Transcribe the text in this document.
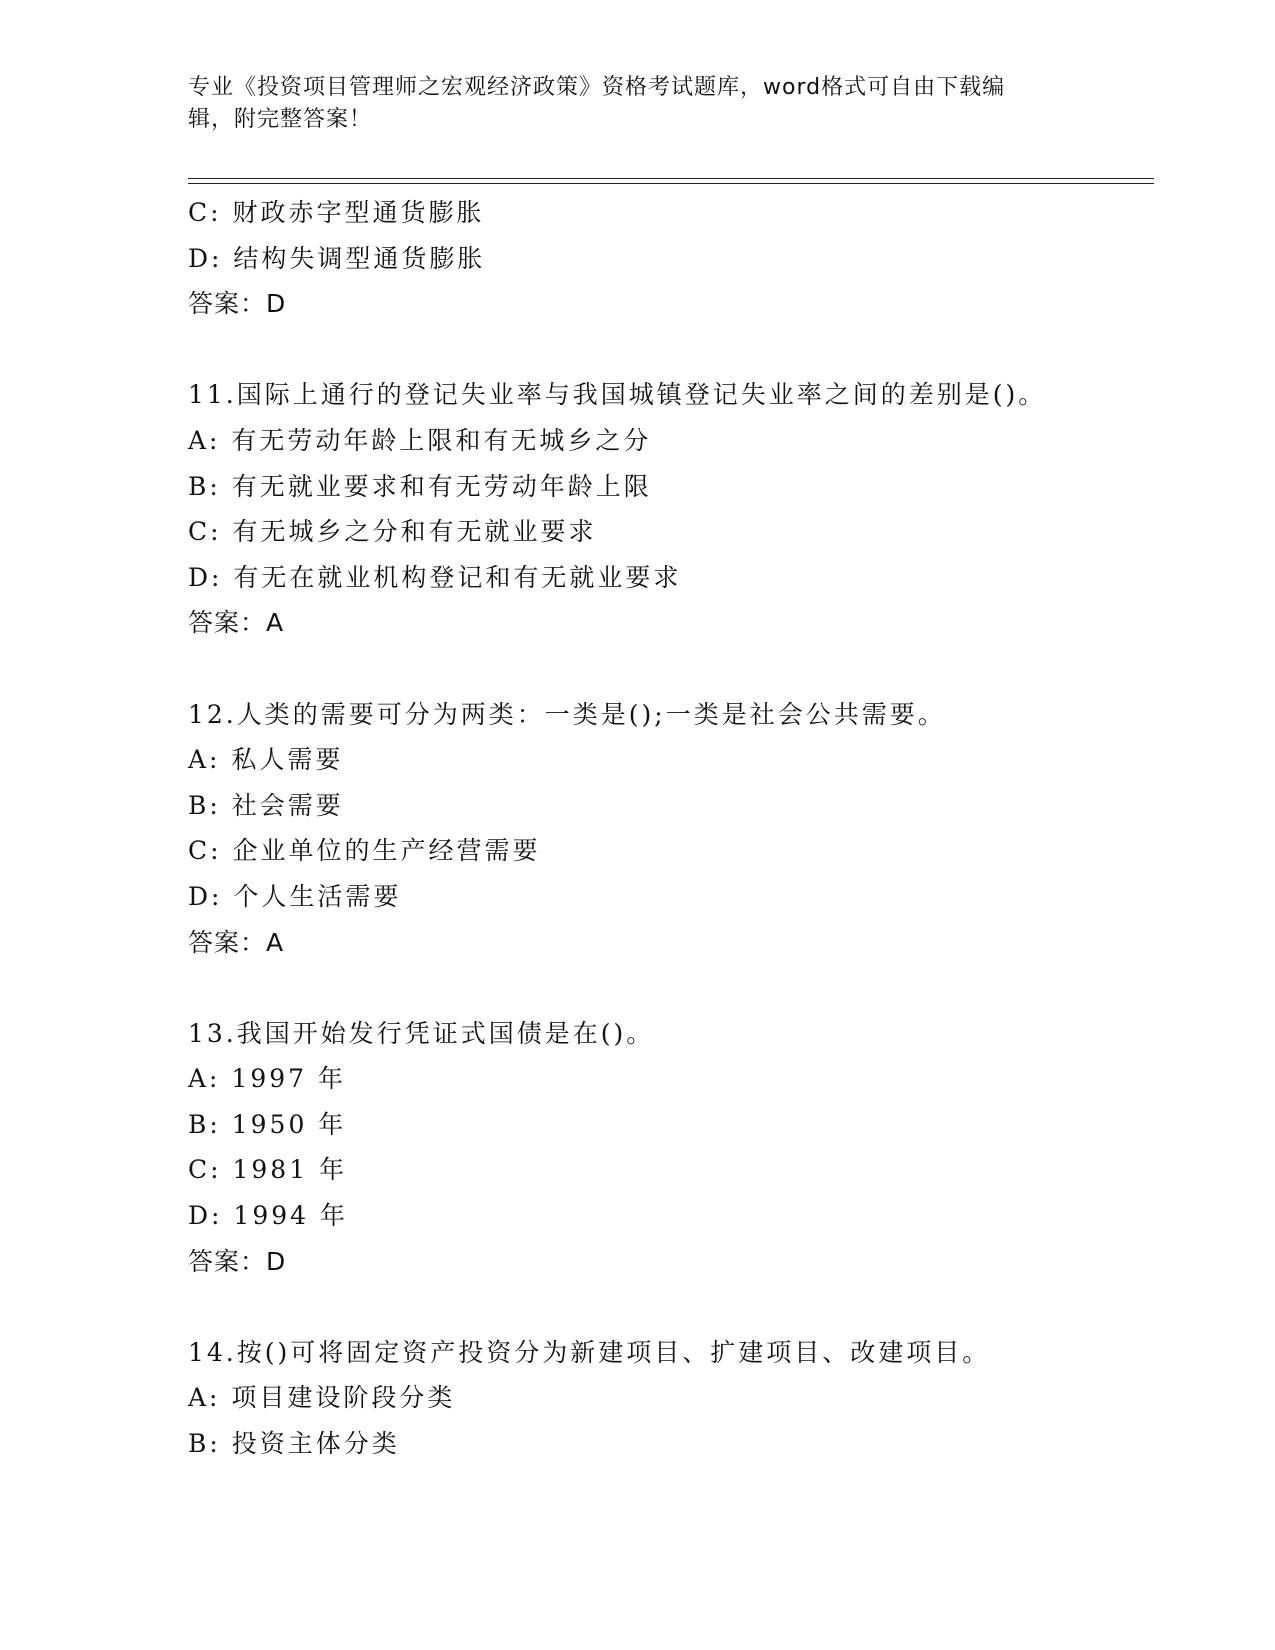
专业《投资项目管理师之宏观经济政策》资格考试题库，word格式可自由下载编
辑，附完整答案！
C: 财政赤字型通货膨胀
D: 结构失调型通货膨胀
答案：D
11.国际上通行的登记失业率与我国城镇登记失业率之间的差别是()。
A: 有无劳动年龄上限和有无城乡之分
B: 有无就业要求和有无劳动年龄上限
C: 有无城乡之分和有无就业要求
D: 有无在就业机构登记和有无就业要求
答案：A
12.人类的需要可分为两类：一类是();一类是社会公共需要。
A: 私人需要
B: 社会需要
C: 企业单位的生产经营需要
D: 个人生活需要
答案：A
13.我国开始发行凭证式国债是在()。
A: 1997 年
B: 1950 年
C: 1981 年
D: 1994 年
答案：D
14.按()可将固定资产投资分为新建项目、扩建项目、改建项目。
A: 项目建设阶段分类
B: 投资主体分类
